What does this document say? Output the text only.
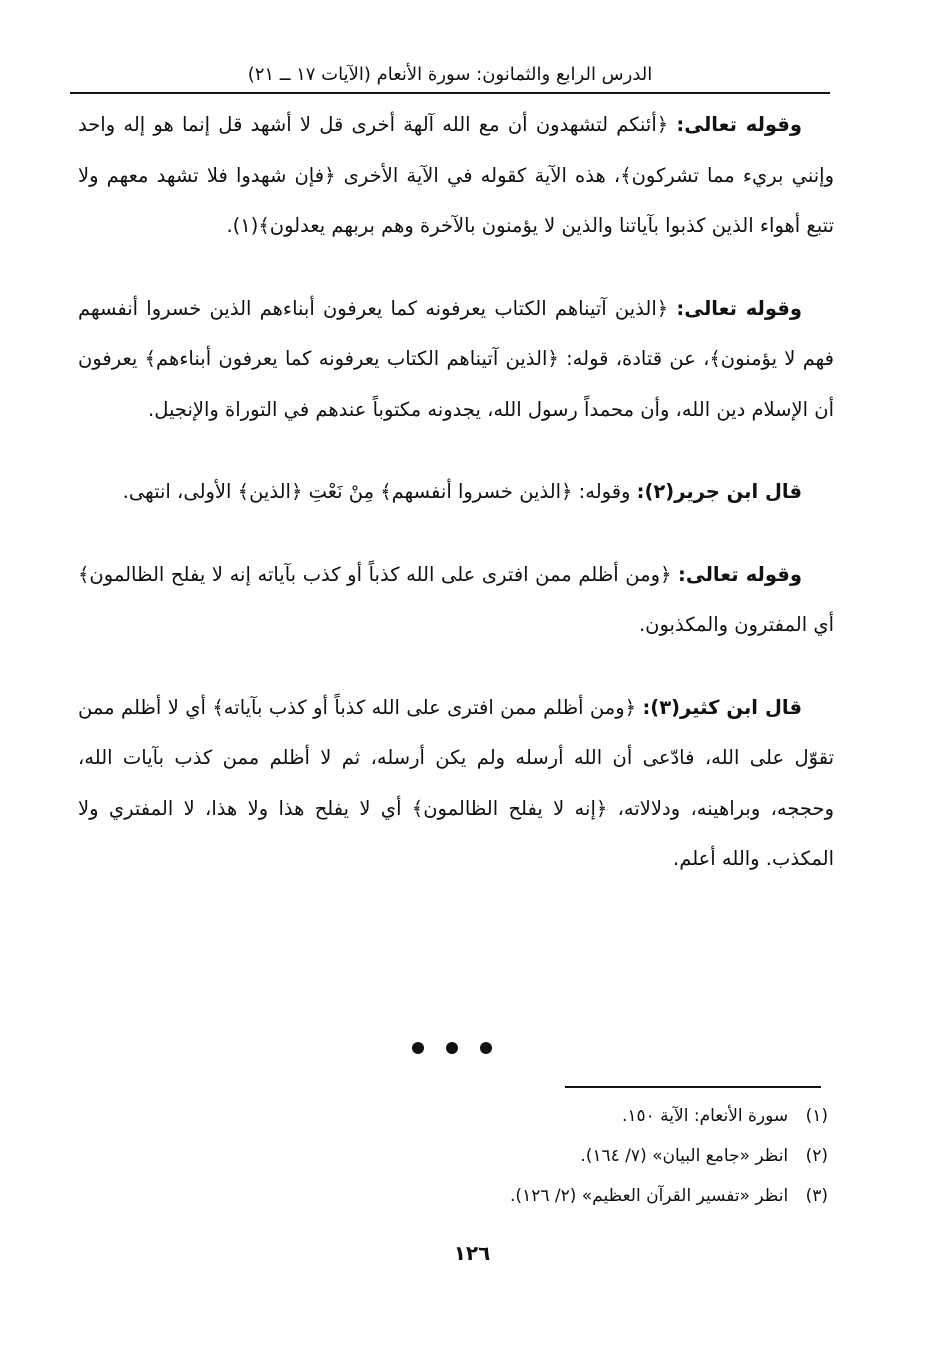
الدرس الرابع والثمانون: سورة الأنعام (الآيات ١٧ ــ ٢١)

وقوله تعالى: ﴿أئنكم لتشهدون أن مع الله آلهة أخرى قل لا أشهد قل إنما هو إله واحد وإنني بريء مما تشركون﴾، هذه الآية كقوله في الآية الأخرى ﴿فإن شهدوا فلا تشهد معهم ولا تتبع أهواء الذين كذبوا بآياتنا والذين لا يؤمنون بالآخرة وهم بربهم يعدلون﴾(١).

وقوله تعالى: ﴿الذين آتيناهم الكتاب يعرفونه كما يعرفون أبناءهم الذين خسروا أنفسهم فهم لا يؤمنون﴾، عن قتادة، قوله: ﴿الذين آتيناهم الكتاب يعرفونه كما يعرفون أبناءهم﴾ يعرفون أن الإسلام دين الله، وأن محمداً رسول الله، يجدونه مكتوباً عندهم في التوراة والإنجيل.

قال ابن جرير(٢): وقوله: ﴿الذين خسروا أنفسهم﴾ مِنْ نَعْتِ ﴿الذين﴾ الأولى، انتهى.

وقوله تعالى: ﴿ومن أظلم ممن افترى على الله كذباً أو كذب بآياته إنه لا يفلح الظالمون﴾ أي المفترون والمكذبون.

قال ابن كثير(٣): ﴿ومن أظلم ممن افترى على الله كذباً أو كذب بآياته﴾ أي لا أظلم ممن تقوّل على الله، فادّعى أن الله أرسله ولم يكن أرسله، ثم لا أظلم ممن كذب بآيات الله، وحججه، وبراهينه، ودلالاته، ﴿إنه لا يفلح الظالمون﴾ أي لا يفلح هذا ولا هذا، لا المفتري ولا المكذب. والله أعلم.

(١) سورة الأنعام: الآية ١٥٠.
(٢) انظر «جامع البيان» (٧/ ١٦٤).
(٣) انظر «تفسير القرآن العظيم» (٢/ ١٢٦).
١٢٦
